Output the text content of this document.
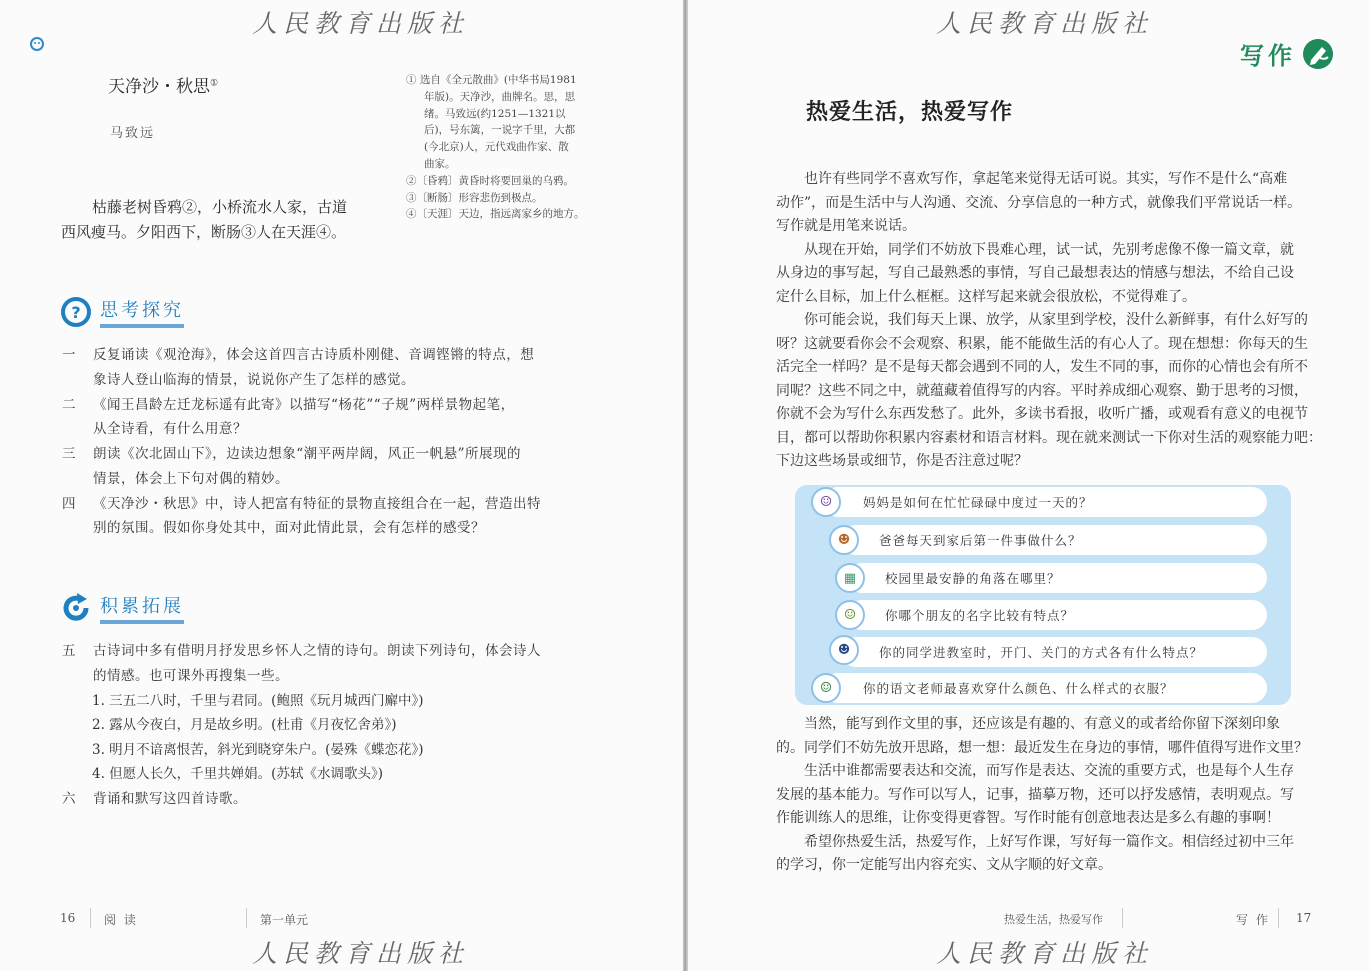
人民教育出版社
天净沙・秋思①
马致远
枯藤老树昏鸦②，小桥流水人家，古道
西风瘦马。夕阳西下，断肠③人在天涯④。
① 选自《全元散曲》(中华书局1981
年版)。天净沙，曲牌名。思，思
绪。马致远(约1251—1321以
后)，号东篱，一说字千里，大都
(今北京)人，元代戏曲作家、散
曲家。
②〔昏鸦〕黄昏时将要回巢的乌鸦。
③〔断肠〕形容悲伤到极点。
④〔天涯〕天边，指远离家乡的地方。
? 思考探究
一 反复诵读《观沧海》，体会这首四言古诗质朴刚健、音调铿锵的特点，想
象诗人登山临海的情景，说说你产生了怎样的感觉。
二 《闻王昌龄左迁龙标遥有此寄》以描写“杨花”“子规”两样景物起笔，
从全诗看，有什么用意？
三 朗读《次北固山下》，边读边想象“潮平两岸阔，风正一帆悬”所展现的
情景，体会上下句对偶的精妙。
四 《天净沙・秋思》中，诗人把富有特征的景物直接组合在一起，营造出特
别的氛围。假如你身处其中，面对此情此景，会有怎样的感受？
积累拓展
五 古诗词中多有借明月抒发思乡怀人之情的诗句。朗读下列诗句，体会诗人
的情感。也可课外再搜集一些。
1. 三五二八时，千里与君同。(鲍照《玩月城西门廨中》)
2. 露从今夜白，月是故乡明。(杜甫《月夜忆舍弟》)
3. 明月不谙离恨苦，斜光到晓穿朱户。(晏殊《蝶恋花》)
4. 但愿人长久，千里共婵娟。(苏轼《水调歌头》)
六 背诵和默写这四首诗歌。
16 阅 读	第一单元
人民教育出版社
人民教育出版社
写作
热爱生活，热爱写作
也许有些同学不喜欢写作，拿起笔来觉得无话可说。其实，写作不是什么“高难
动作”，而是生活中与人沟通、交流、分享信息的一种方式，就像我们平常说话一样。
写作就是用笔来说话。
从现在开始，同学们不妨放下畏难心理，试一试，先别考虑像不像一篇文章，就
从身边的事写起，写自己最熟悉的事情，写自己最想表达的情感与想法，不给自己设
定什么目标，加上什么框框。这样写起来就会很放松，不觉得难了。
你可能会说，我们每天上课、放学，从家里到学校，没什么新鲜事，有什么好写的
呀？这就要看你会不会观察、积累，能不能做生活的有心人了。现在想想：你每天的生
活完全一样吗？是不是每天都会遇到不同的人，发生不同的事，而你的心情也会有所不
同呢？这些不同之中，就蕴藏着值得写的内容。平时养成细心观察、勤于思考的习惯，
你就不会为写什么东西发愁了。此外，多读书看报，收听广播，或观看有意义的电视节
目，都可以帮助你积累内容素材和语言材料。现在就来测试一下你对生活的观察能力吧：
下边这些场景或细节，你是否注意过呢？
妈妈是如何在忙忙碌碌中度过一天的？
☺
爸爸每天到家后第一件事做什么？
☻
校园里最安静的角落在哪里？
▦
你哪个朋友的名字比较有特点？
☺
你的同学进教室时，开门、关门的方式各有什么特点？
☻
你的语文老师最喜欢穿什么颜色、什么样式的衣服？
☺
当然，能写到作文里的事，还应该是有趣的、有意义的或者给你留下深刻印象
的。同学们不妨先放开思路，想一想：最近发生在身边的事情，哪件值得写进作文里？
生活中谁都需要表达和交流，而写作是表达、交流的重要方式，也是每个人生存
发展的基本能力。写作可以写人，记事，描摹万物，还可以抒发感情，表明观点。写
作能训练人的思维，让你变得更睿智。写作时能有创意地表达是多么有趣的事啊！
希望你热爱生活，热爱写作，上好写作课，写好每一篇作文。相信经过初中三年
的学习，你一定能写出内容充实、文从字顺的好文章。
热爱生活，热爱写作	写 作 17
人民教育出版社
